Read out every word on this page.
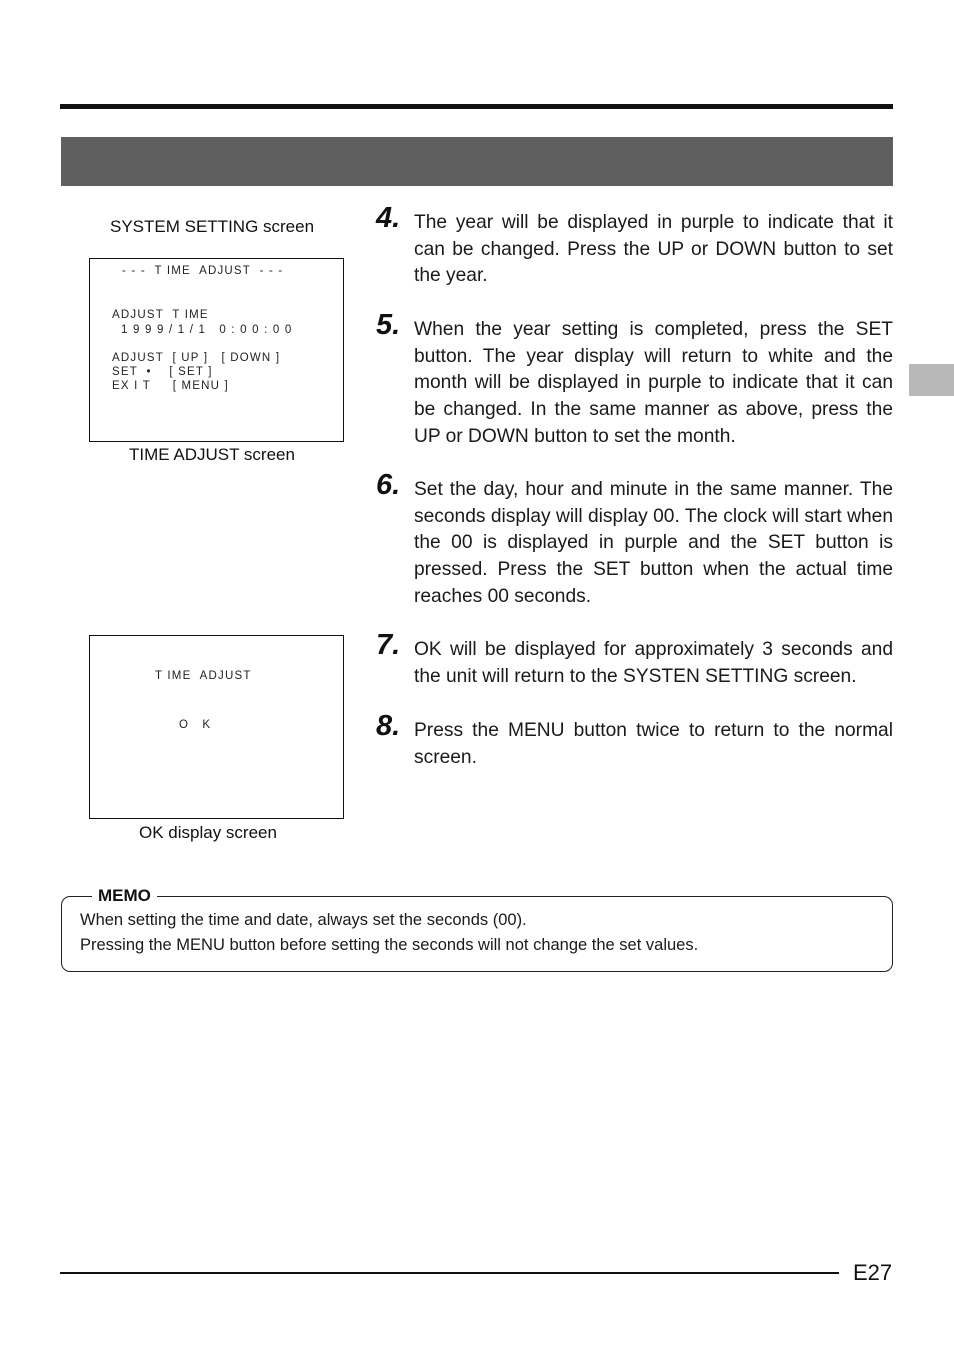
SYSTEM SETTING screen
- - -  T IME  ADJUST  - - -
ADJUST  T IME
1 9 9 9 / 1 / 1   0 : 0 0 : 0 0
ADJUST  [ UP ]   [ DOWN ]
SET  •    [ SET ]
EX I T     [ MENU ]
TIME ADJUST screen
T IME  ADJUST
O   K
OK display screen
4. The year will be displayed in purple to indicate that it can be changed. Press the UP or DOWN button to set the year.
5. When the year setting is completed, press the SET button. The year display will return to white and the month will be displayed in purple to indicate that it can be changed. In the same manner as above, press the UP or DOWN button to set the month.
6. Set the day, hour and minute in the same manner. The seconds display will display 00. The clock will start when the 00 is displayed in purple and the SET button is pressed. Press the SET button when the actual time reaches 00 seconds.
7. OK will be displayed for approximately 3 seconds and the unit will return to the SYSTEN SETTING screen.
8. Press the MENU button twice to return to the normal screen.
MEMO
When setting the time and date, always set the seconds (00).
Pressing the MENU button before setting the seconds will not change the set values.
E27
